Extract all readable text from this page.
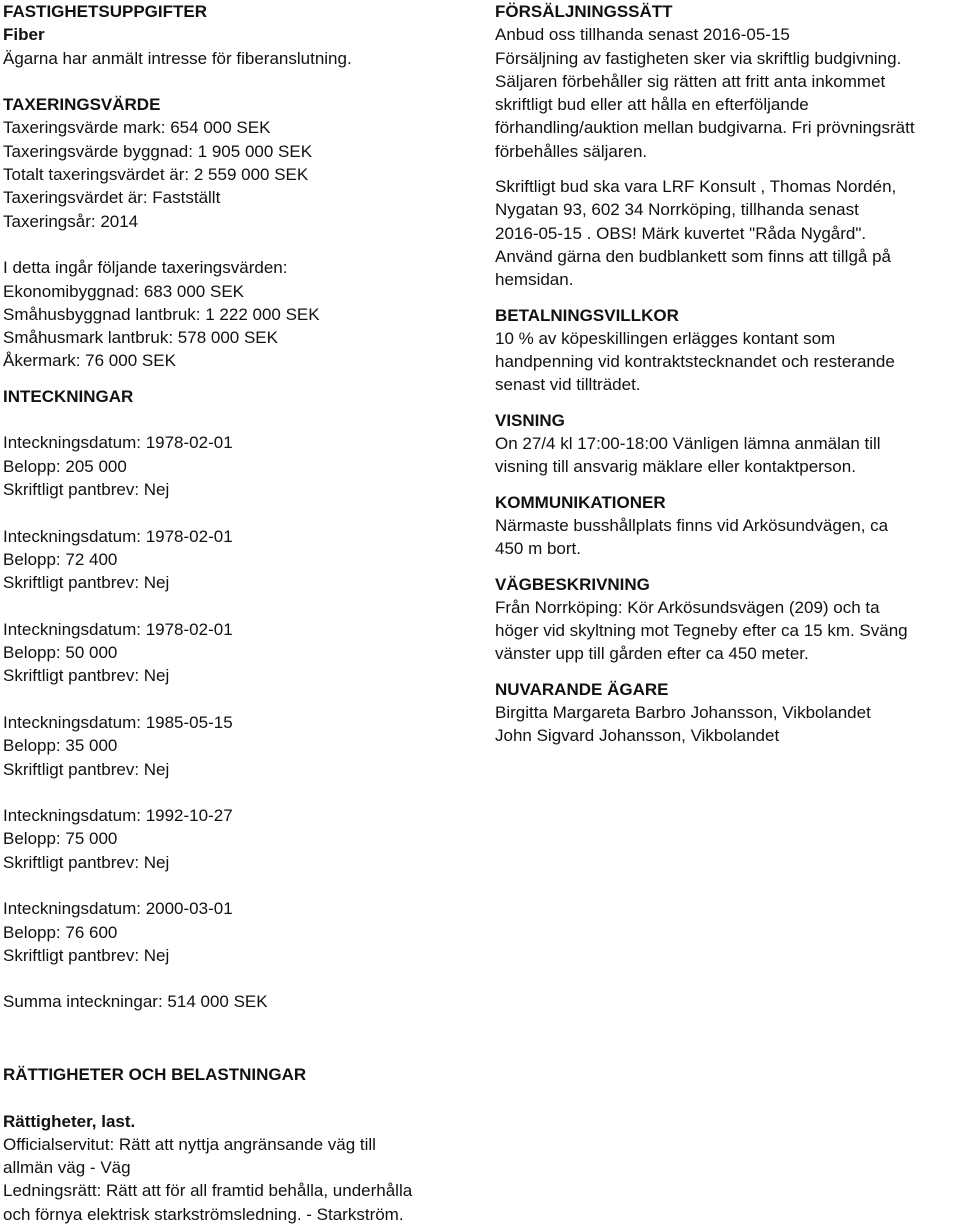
FASTIGHETSUPPGIFTER
Fiber
Ägarna har anmält intresse för fiberanslutning.
TAXERINGSVÄRDE
Taxeringsvärde mark: 654 000 SEK
Taxeringsvärde byggnad: 1 905 000 SEK
Totalt taxeringsvärdet är: 2 559 000 SEK
Taxeringsvärdet är: Fastställt
Taxeringsår: 2014
I detta ingår följande taxeringsvärden:
Ekonomibyggnad: 683 000 SEK
Småhusbyggnad lantbruk: 1 222 000 SEK
Småhusmark lantbruk: 578 000 SEK
Åkermark: 76 000 SEK
INTECKNINGAR
Inteckningsdatum: 1978-02-01
Belopp: 205 000
Skriftligt pantbrev: Nej
Inteckningsdatum: 1978-02-01
Belopp: 72 400
Skriftligt pantbrev: Nej
Inteckningsdatum: 1978-02-01
Belopp: 50 000
Skriftligt pantbrev: Nej
Inteckningsdatum: 1985-05-15
Belopp: 35 000
Skriftligt pantbrev: Nej
Inteckningsdatum: 1992-10-27
Belopp: 75 000
Skriftligt pantbrev: Nej
Inteckningsdatum: 2000-03-01
Belopp: 76 600
Skriftligt pantbrev: Nej
Summa inteckningar: 514 000 SEK
FÖRSÄLJNINGSSÄTT
Anbud oss tillhanda senast 2016-05-15
Försäljning av fastigheten sker via skriftlig budgivning.
Säljaren förbehåller sig rätten att fritt anta inkommet
skriftligt bud eller att hålla en efterföljande
förhandling/auktion mellan budgivarna. Fri prövningsrätt
förbehålles säljaren.
Skriftligt bud ska vara LRF Konsult , Thomas Nordén,
Nygatan 93, 602 34 Norrköping, tillhanda senast
2016-05-15 . OBS! Märk kuvertet "Råda Nygård".
Använd gärna den budblankett som finns att tillgå på
hemsidan.
BETALNINGSVILLKOR
10 % av köpeskillingen erlägges kontant som
handpenning vid kontraktstecknandet och resterande
senast vid tillträdet.
VISNING
On 27/4 kl 17:00-18:00 Vänligen lämna anmälan till
visning till ansvarig mäklare eller kontaktperson.
KOMMUNIKATIONER
Närmaste busshållplats finns vid Arkösundvägen, ca
450 m bort.
VÄGBESKRIVNING
Från Norrköping: Kör Arkösundsvägen (209) och ta
höger vid skyltning mot Tegneby efter ca 15 km. Sväng
vänster upp till gården efter ca 450 meter.
NUVARANDE ÄGARE
Birgitta Margareta Barbro Johansson, Vikbolandet
John Sigvard Johansson, Vikbolandet
RÄTTIGHETER OCH BELASTNINGAR
Rättigheter, last.
Officialservitut: Rätt att nyttja angränsande väg till
allmän väg - Väg
Ledningsrätt: Rätt att för all framtid behålla, underhålla
och förnya elektrisk starkströmsledning. - Starkström.
